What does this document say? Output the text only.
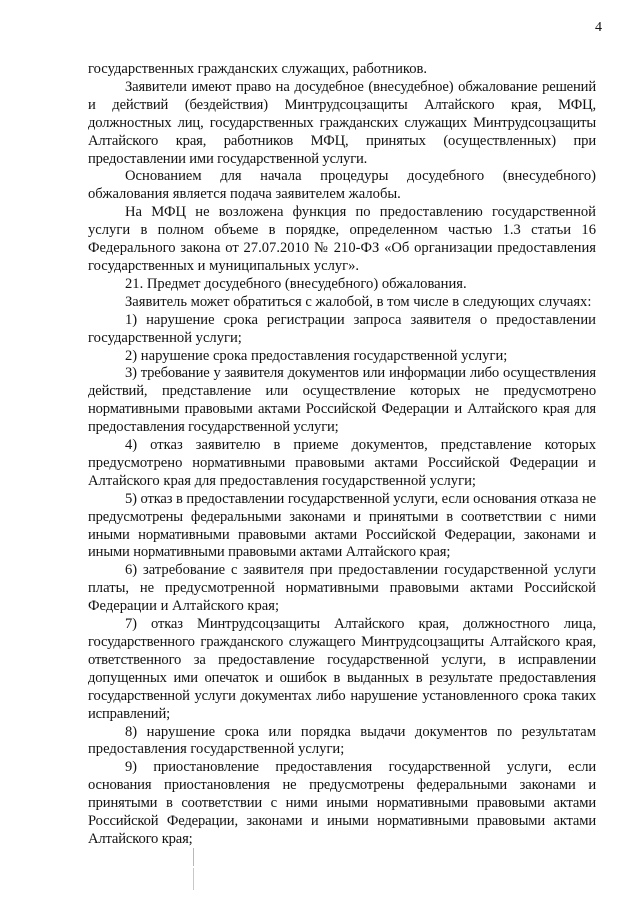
4

государственных гражданских служащих, работников.

Заявители имеют право на досудебное (внесудебное) обжалование решений и действий (бездействия) Минтрудсоцзащиты Алтайского края, МФЦ, должностных лиц, государственных гражданских служащих Минтрудсоцзащиты Алтайского края, работников МФЦ, принятых (осуществленных) при предоставлении ими государственной услуги.

Основанием для начала процедуры досудебного (внесудебного) обжалования является подача заявителем жалобы.

На МФЦ не возложена функция по предоставлению государственной услуги в полном объеме в порядке, определенном частью 1.3 статьи 16 Федерального закона от 27.07.2010 № 210-ФЗ «Об организации предоставления государственных и муниципальных услуг».

21. Предмет досудебного (внесудебного) обжалования.

Заявитель может обратиться с жалобой, в том числе в следующих случаях:

1) нарушение срока регистрации запроса заявителя о предоставлении государственной услуги;

2) нарушение срока предоставления государственной услуги;

3) требование у заявителя документов или информации либо осуществления действий, представление или осуществление которых не предусмотрено нормативными правовыми актами Российской Федерации и Алтайского края для предоставления государственной услуги;

4) отказ заявителю в приеме документов, представление которых предусмотрено нормативными правовыми актами Российской Федерации и Алтайского края для предоставления государственной услуги;

5) отказ в предоставлении государственной услуги, если основания отказа не предусмотрены федеральными законами и принятыми в соответствии с ними иными нормативными правовыми актами Российской Федерации, законами и иными нормативными правовыми актами Алтайского края;

6) затребование с заявителя при предоставлении государственной услуги платы, не предусмотренной нормативными правовыми актами Российской Федерации и Алтайского края;

7) отказ Минтрудсоцзащиты Алтайского края, должностного лица, государственного гражданского служащего Минтрудсоцзащиты Алтайского края, ответственного за предоставление государственной услуги, в исправлении допущенных ими опечаток и ошибок в выданных в результате предоставления государственной услуги документах либо нарушение установленного срока таких исправлений;

8) нарушение срока или порядка выдачи документов по результатам предоставления государственной услуги;

9) приостановление предоставления государственной услуги, если основания приостановления не предусмотрены федеральными законами и принятыми в соответствии с ними иными нормативными правовыми актами Российской Федерации, законами и иными нормативными правовыми актами Алтайского края;
